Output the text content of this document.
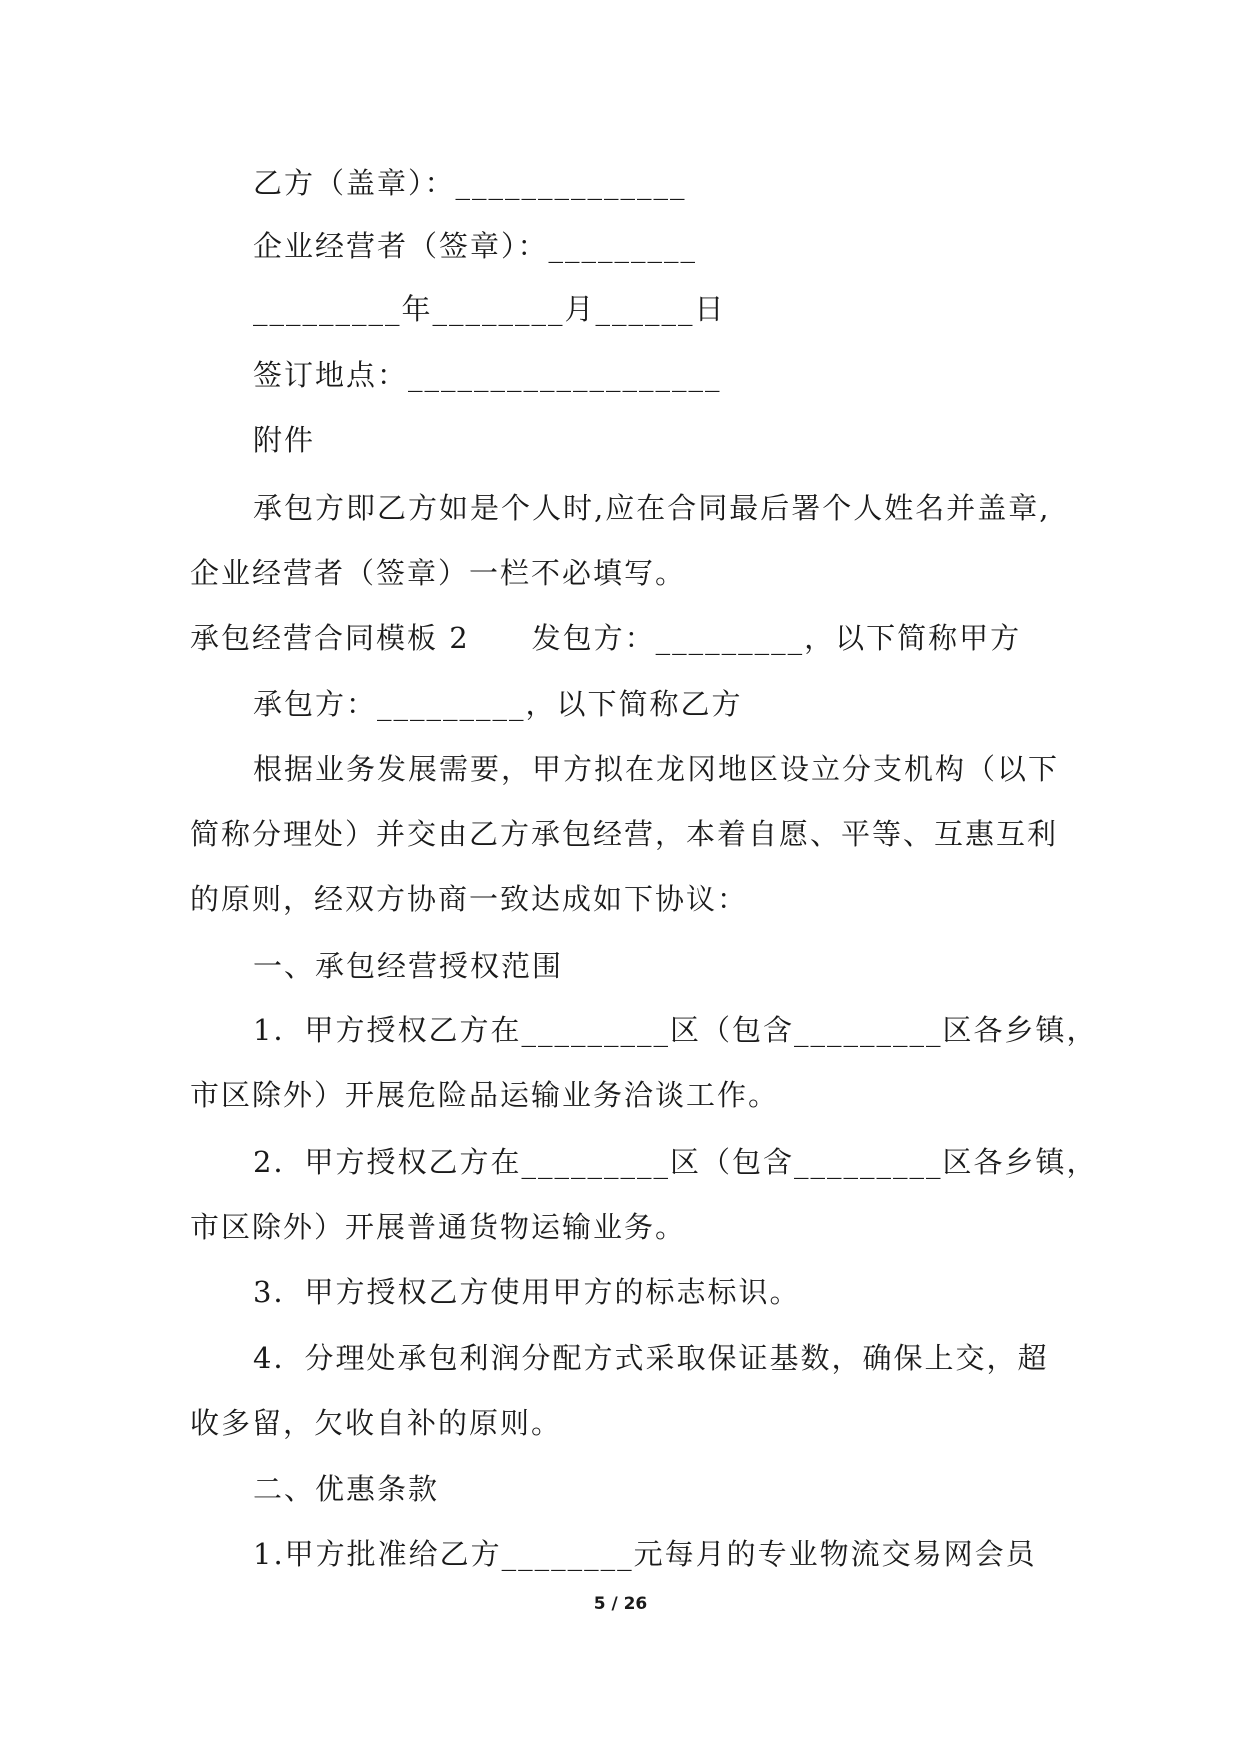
乙方（盖章）：______________
企业经营者（签章）：_________
_________年________月______日
签订地点：___________________
附件
承包方即乙方如是个人时,应在合同最后署个人姓名并盖章,
企业经营者（签章）一栏不必填写。
承包经营合同模板 2　　发包方：_________，以下简称甲方
承包方：_________，以下简称乙方
根据业务发展需要，甲方拟在龙冈地区设立分支机构（以下
简称分理处）并交由乙方承包经营，本着自愿、平等、互惠互利
的原则，经双方协商一致达成如下协议：
一、承包经营授权范围
1．甲方授权乙方在_________区（包含_________区各乡镇，
市区除外）开展危险品运输业务洽谈工作。
2．甲方授权乙方在_________区（包含_________区各乡镇，
市区除外）开展普通货物运输业务。
3．甲方授权乙方使用甲方的标志标识。
4．分理处承包利润分配方式采取保证基数，确保上交，超
收多留，欠收自补的原则。
二、优惠条款
1.甲方批准给乙方________元每月的专业物流交易网会员
5 / 26
